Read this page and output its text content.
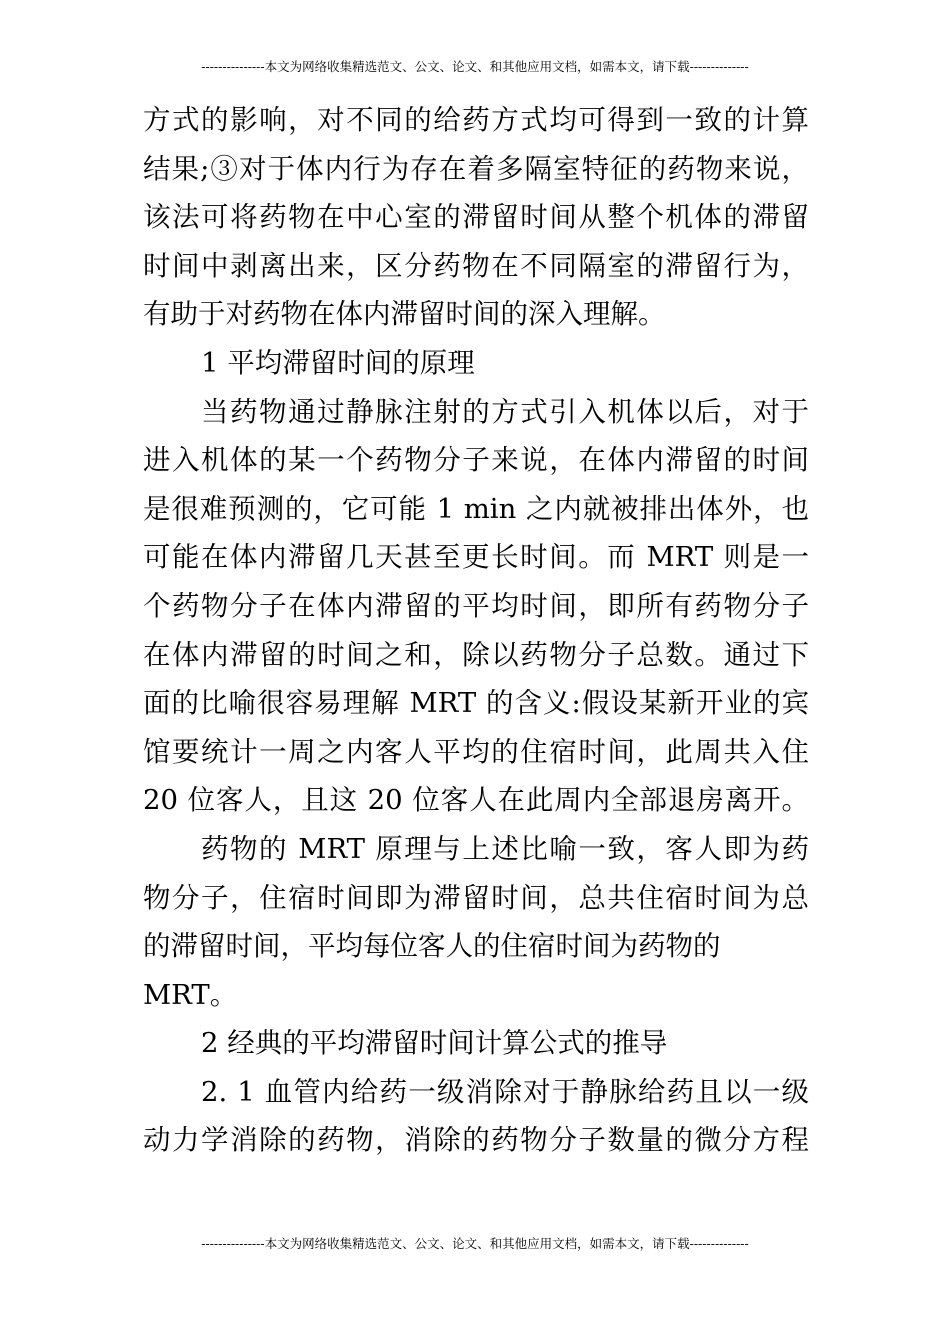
---------------本文为网络收集精选范文、公文、论文、和其他应用文档，如需本文，请下载--------------
方式的影响，对不同的给药方式均可得到一致的计算
结果;③对于体内行为存在着多隔室特征的药物来说，
该法可将药物在中心室的滞留时间从整个机体的滞留
时间中剥离出来，区分药物在不同隔室的滞留行为，
有助于对药物在体内滞留时间的深入理解。
1 平均滞留时间的原理
当药物通过静脉注射的方式引入机体以后，对于
进入机体的某一个药物分子来说，在体内滞留的时间
是很难预测的，它可能 1 min 之内就被排出体外，也
可能在体内滞留几天甚至更长时间。而 MRT 则是一
个药物分子在体内滞留的平均时间，即所有药物分子
在体内滞留的时间之和，除以药物分子总数。通过下
面的比喻很容易理解 MRT 的含义:假设某新开业的宾
馆要统计一周之内客人平均的住宿时间，此周共入住
20 位客人，且这 20 位客人在此周内全部退房离开。
药物的 MRT 原理与上述比喻一致，客人即为药
物分子，住宿时间即为滞留时间，总共住宿时间为总
的滞留时间，平均每位客人的住宿时间为药物的
MRT。
2 经典的平均滞留时间计算公式的推导
2. 1 血管内给药一级消除对于静脉给药且以一级
动力学消除的药物，消除的药物分子数量的微分方程
---------------本文为网络收集精选范文、公文、论文、和其他应用文档，如需本文，请下载--------------
